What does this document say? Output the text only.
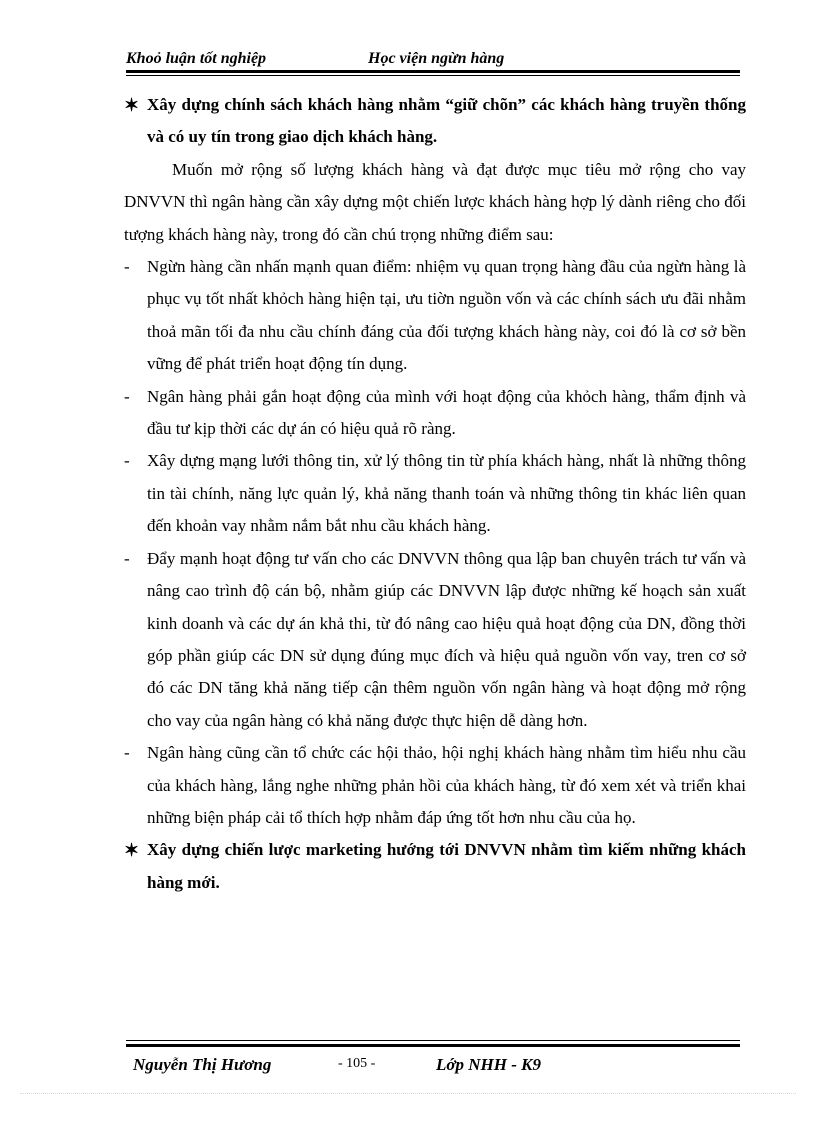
Khoỏ luận tốt nghiệp	Học viện ngừn hàng

✶ Xây dựng chính sách khách hàng nhằm “giữ chõn” các khách hàng truyền thống và có uy tín trong giao dịch khách hàng.

Muốn mở rộng số lượng khách hàng và đạt được mục tiêu mở rộng cho vay DNVVN thì ngân hàng cần xây dựng một chiến lược khách hàng hợp lý dành riêng cho đối tượng khách hàng này, trong đó cần chú trọng những điểm sau:

- Ngừn hàng cần nhấn mạnh quan điểm: nhiệm vụ quan trọng hàng đầu của ngừn hàng là phục vụ tốt nhất khỏch hàng hiện tại, ưu tiờn nguồn vốn và các chính sách ưu đãi nhằm thoả mãn tối đa nhu cầu chính đáng của đối tượng khách hàng này, coi đó là cơ sở bền vững để phát triển hoạt động tín dụng.

- Ngân hàng phải gắn hoạt động của mình với hoạt động của khỏch hàng, thẩm định và đầu tư kịp thời các dự án có hiệu quả rõ ràng.

- Xây dựng mạng lưới thông tin, xử lý thông tin từ phía khách hàng, nhất là những thông tin tài chính, năng lực quản lý, khả năng thanh toán và những thông tin khác liên quan đến khoản vay nhằm nắm bắt nhu cầu khách hàng.

- Đẩy mạnh hoạt động tư vấn cho các DNVVN thông qua lập ban chuyên trách tư vấn và nâng cao trình độ cán bộ, nhằm giúp các DNVVN lập được những kế hoạch sản xuất kinh doanh và các dự án khả thi, từ đó nâng cao hiệu quả hoạt động của DN, đồng thời góp phần giúp các DN sử dụng đúng mục đích và hiệu quả nguồn vốn vay, tren cơ sở đó các DN tăng khả năng tiếp cận thêm nguồn vốn ngân hàng và hoạt động mở rộng cho vay của ngân hàng có khả năng được thực hiện dễ dàng hơn.

- Ngân hàng cũng cần tổ chức các hội thảo, hội nghị khách hàng nhằm tìm hiểu nhu cầu của khách hàng, lắng nghe những phản hồi của khách hàng, từ đó xem xét và triển khai những biện pháp cải tổ thích hợp nhằm đáp ứng tốt hơn nhu cầu của họ.

✶ Xây dựng chiến lược marketing hướng tới DNVVN nhằm tìm kiếm những khách hàng mới.

Nguyễn Thị Hương	- 105 -	Lớp NHH - K9
